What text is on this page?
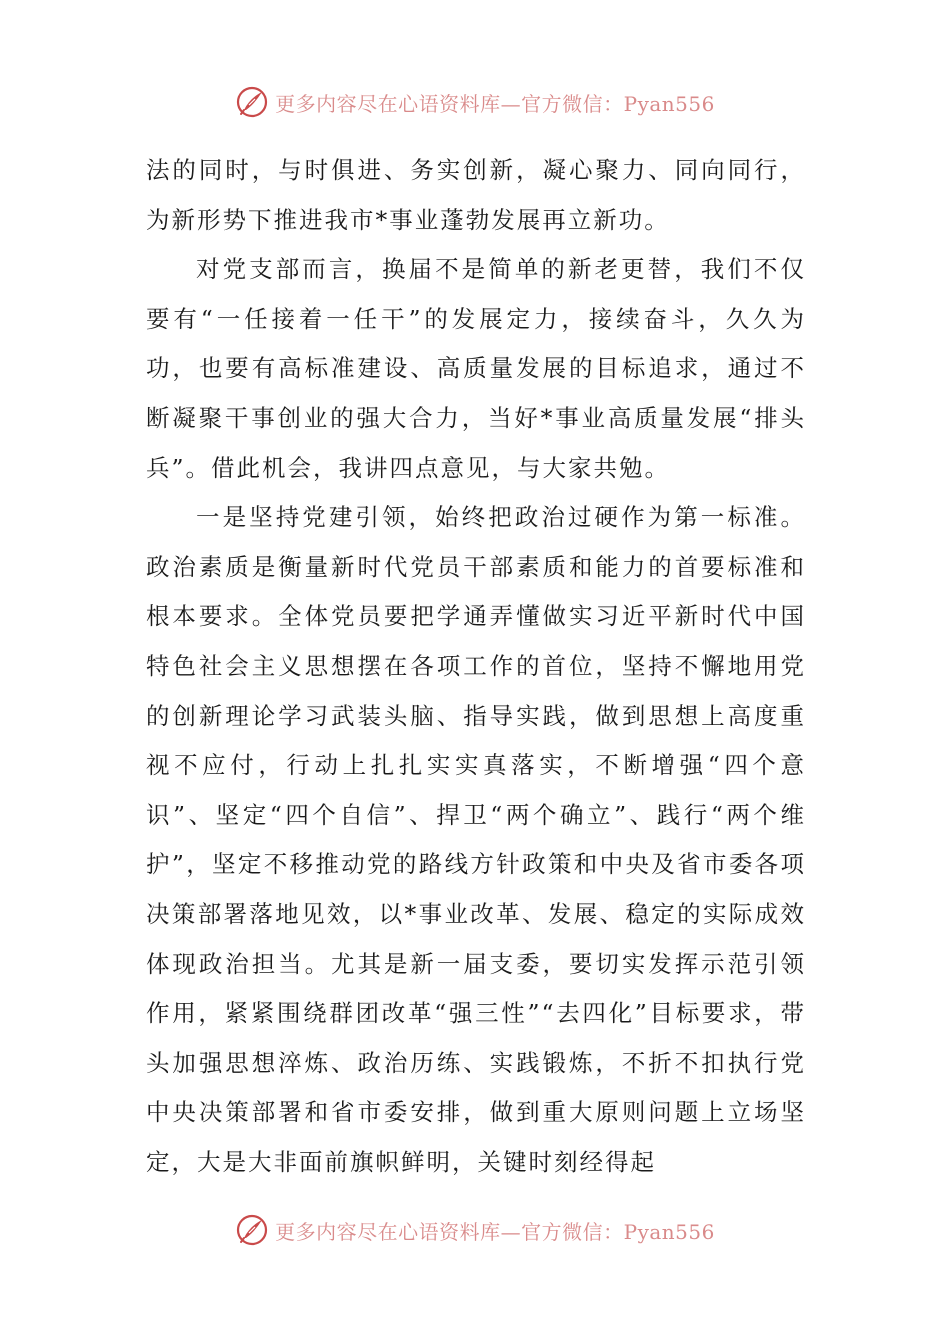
更多内容尽在心语资料库—官方微信：Pyan556

法的同时，与时俱进、务实创新，凝心聚力、同向同行，为新形势下推进我市*事业蓬勃发展再立新功。

对党支部而言，换届不是简单的新老更替，我们不仅要有“一任接着一任干”的发展定力，接续奋斗，久久为功，也要有高标准建设、高质量发展的目标追求，通过不断凝聚干事创业的强大合力，当好*事业高质量发展“排头兵”。借此机会，我讲四点意见，与大家共勉。

一是坚持党建引领，始终把政治过硬作为第一标准。政治素质是衡量新时代党员干部素质和能力的首要标准和根本要求。全体党员要把学通弄懂做实习近平新时代中国特色社会主义思想摆在各项工作的首位，坚持不懈地用党的创新理论学习武装头脑、指导实践，做到思想上高度重视不应付，行动上扎扎实实真落实，不断增强“四个意识”、坚定“四个自信”、捍卫“两个确立”、践行“两个维护”，坚定不移推动党的路线方针政策和中央及省市委各项决策部署落地见效，以*事业改革、发展、稳定的实际成效体现政治担当。尤其是新一届支委，要切实发挥示范引领作用，紧紧围绕群团改革“强三性”“去四化”目标要求，带头加强思想淬炼、政治历练、实践锻炼，不折不扣执行党中央决策部署和省市委安排，做到重大原则问题上立场坚定，大是大非面前旗帜鲜明，关键时刻经得起

更多内容尽在心语资料库—官方微信：Pyan556
